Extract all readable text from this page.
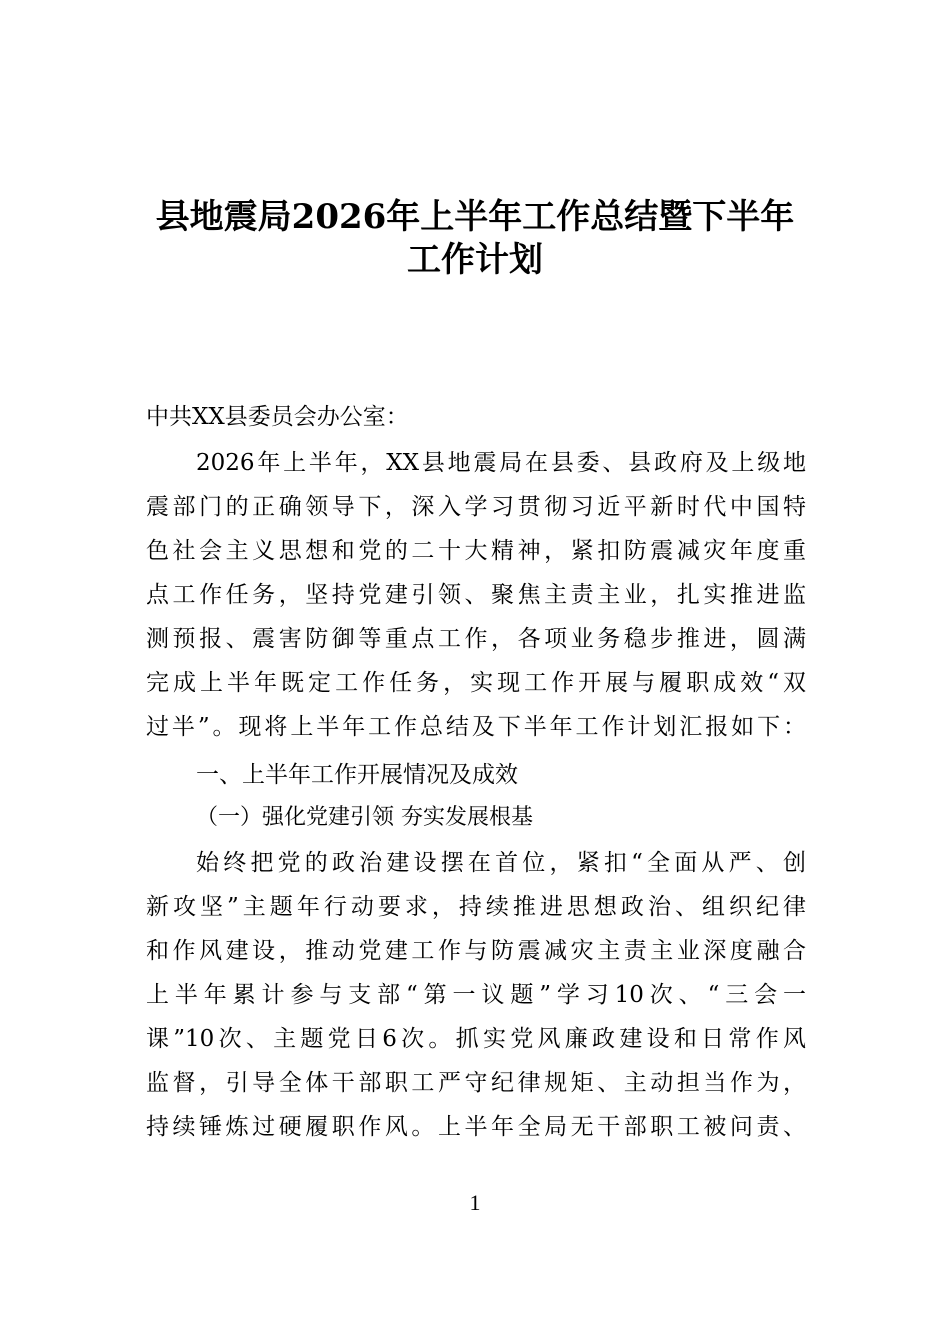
县地震局2026年上半年工作总结暨下半年
工作计划
中共XX县委员会办公室：
2026年上半年，XX县地震局在县委、县政府及上级地
震部门的正确领导下，深入学习贯彻习近平新时代中国特
色社会主义思想和党的二十大精神，紧扣防震减灾年度重
点工作任务，坚持党建引领、聚焦主责主业，扎实推进监
测预报、震害防御等重点工作，各项业务稳步推进，圆满
完成上半年既定工作任务，实现工作开展与履职成效“双
过半”。现将上半年工作总结及下半年工作计划汇报如下：
一、上半年工作开展情况及成效
（一）强化党建引领 夯实发展根基
始终把党的政治建设摆在首位，紧扣“全面从严、创
新攻坚”主题年行动要求，持续推进思想政治、组织纪律
和作风建设，推动党建工作与防震减灾主责主业深度融合
上半年累计参与支部“第一议题”学习10次、“三会一
课”10次、主题党日6次。抓实党风廉政建设和日常作风
监督，引导全体干部职工严守纪律规矩、主动担当作为，
持续锤炼过硬履职作风。上半年全局无干部职工被问责、
1
